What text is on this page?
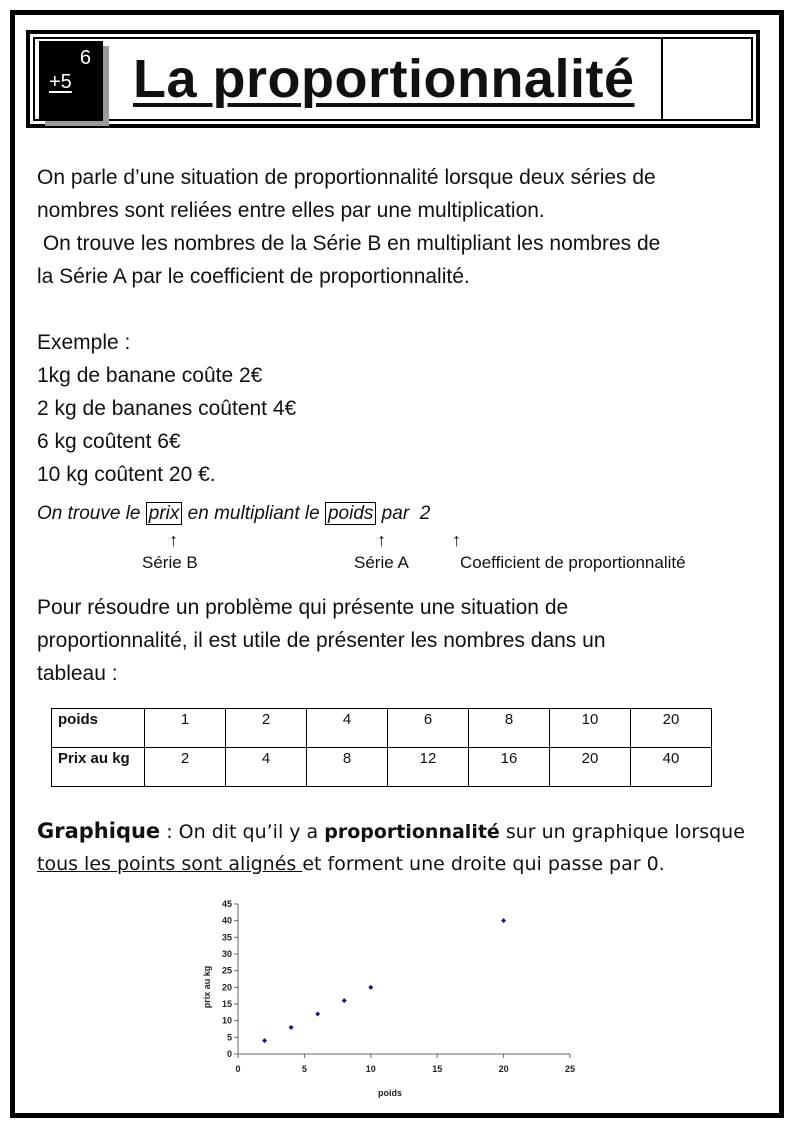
6
+5 La proportionnalité
On parle d’une situation de proportionnalité lorsque deux séries de
nombres sont reliées entre elles par une multiplication.
On trouve les nombres de la Série B en multipliant les nombres de
la Série A par le coefficient de proportionnalité.
Exemple :
1kg de banane coûte 2€
2 kg de bananes coûtent 4€
6 kg coûtent 6€
10 kg coûtent 20 €.
On trouve le prix en multipliant le poids par  2
↑	↑	↑
Série B	Série A	Coefficient de proportionnalité
Pour résoudre un problème qui présente une situation de
proportionnalité, il est utile de présenter les nombres dans un
tableau :
poids	1	2	4	6	8	10	20
Prix au kg	2	4	8	12	16	20	40
Graphique : On dit qu’il y a proportionnalité sur un graphique lorsque
tous les points sont alignés et forment une droite qui passe par 0.
0
5
10
15
20
25
30
35
40
45
0	5	10	15	20	25
poids
prix au kg
